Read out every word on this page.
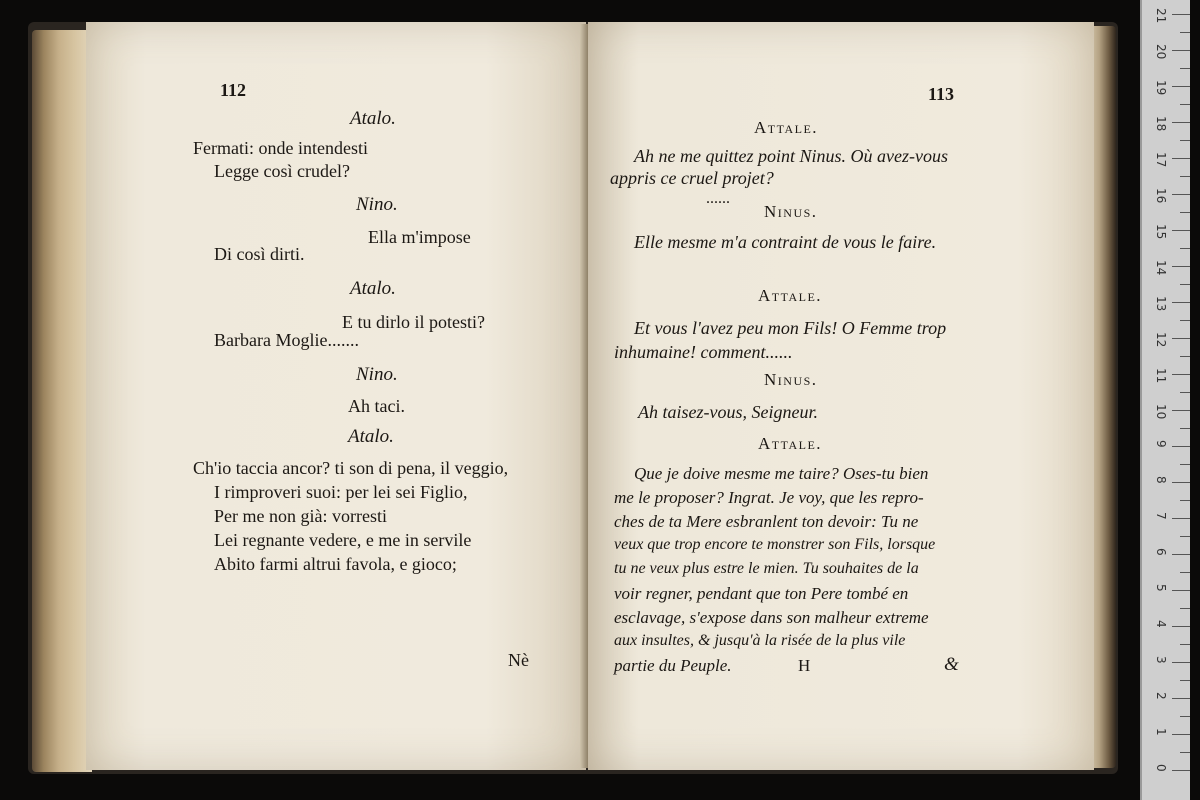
112
Atalo.
Fermati: onde intendesti
Legge così crudel?
Nino.
Ella m'impose
Di così dirti.
Atalo.
E tu dirlo il potesti?
Barbara Moglie.......
Nino.
Ah taci.
Atalo.
Ch'io taccia ancor? ti son di pena, il veggio,
I rimproveri suoi: per lei sei Figlio,
Per me non già: vorresti
Lei regnante vedere, e me in servile
Abito farmi altrui favola, e gioco;
Nè
113
Attale.
Ah ne me quittez point Ninus. Où avez-vous
appris ce cruel projet?
......
Ninus.
Elle mesme m'a contraint de vous le faire.
Attale.
Et vous l'avez peu mon Fils! O Femme trop
inhumaine! comment......
Ninus.
Ah taisez-vous, Seigneur.
Attale.
Que je doive mesme me taire? Oses-tu bien
me le proposer? Ingrat. Je voy, que les repro-
ches de ta Mere esbranlent ton devoir: Tu ne
veux que trop encore te monstrer son Fils, lorsque
tu ne veux plus estre le mien. Tu souhaites de la
voir regner, pendant que ton Pere tombé en
esclavage, s'expose dans son malheur extreme
aux insultes, & jusqu'à la risée de la plus vile
partie du Peuple.	H	&
0
1
2
3
4
5
6
7
8
9
10
11
12
13
14
15
16
17
18
19
20
21
